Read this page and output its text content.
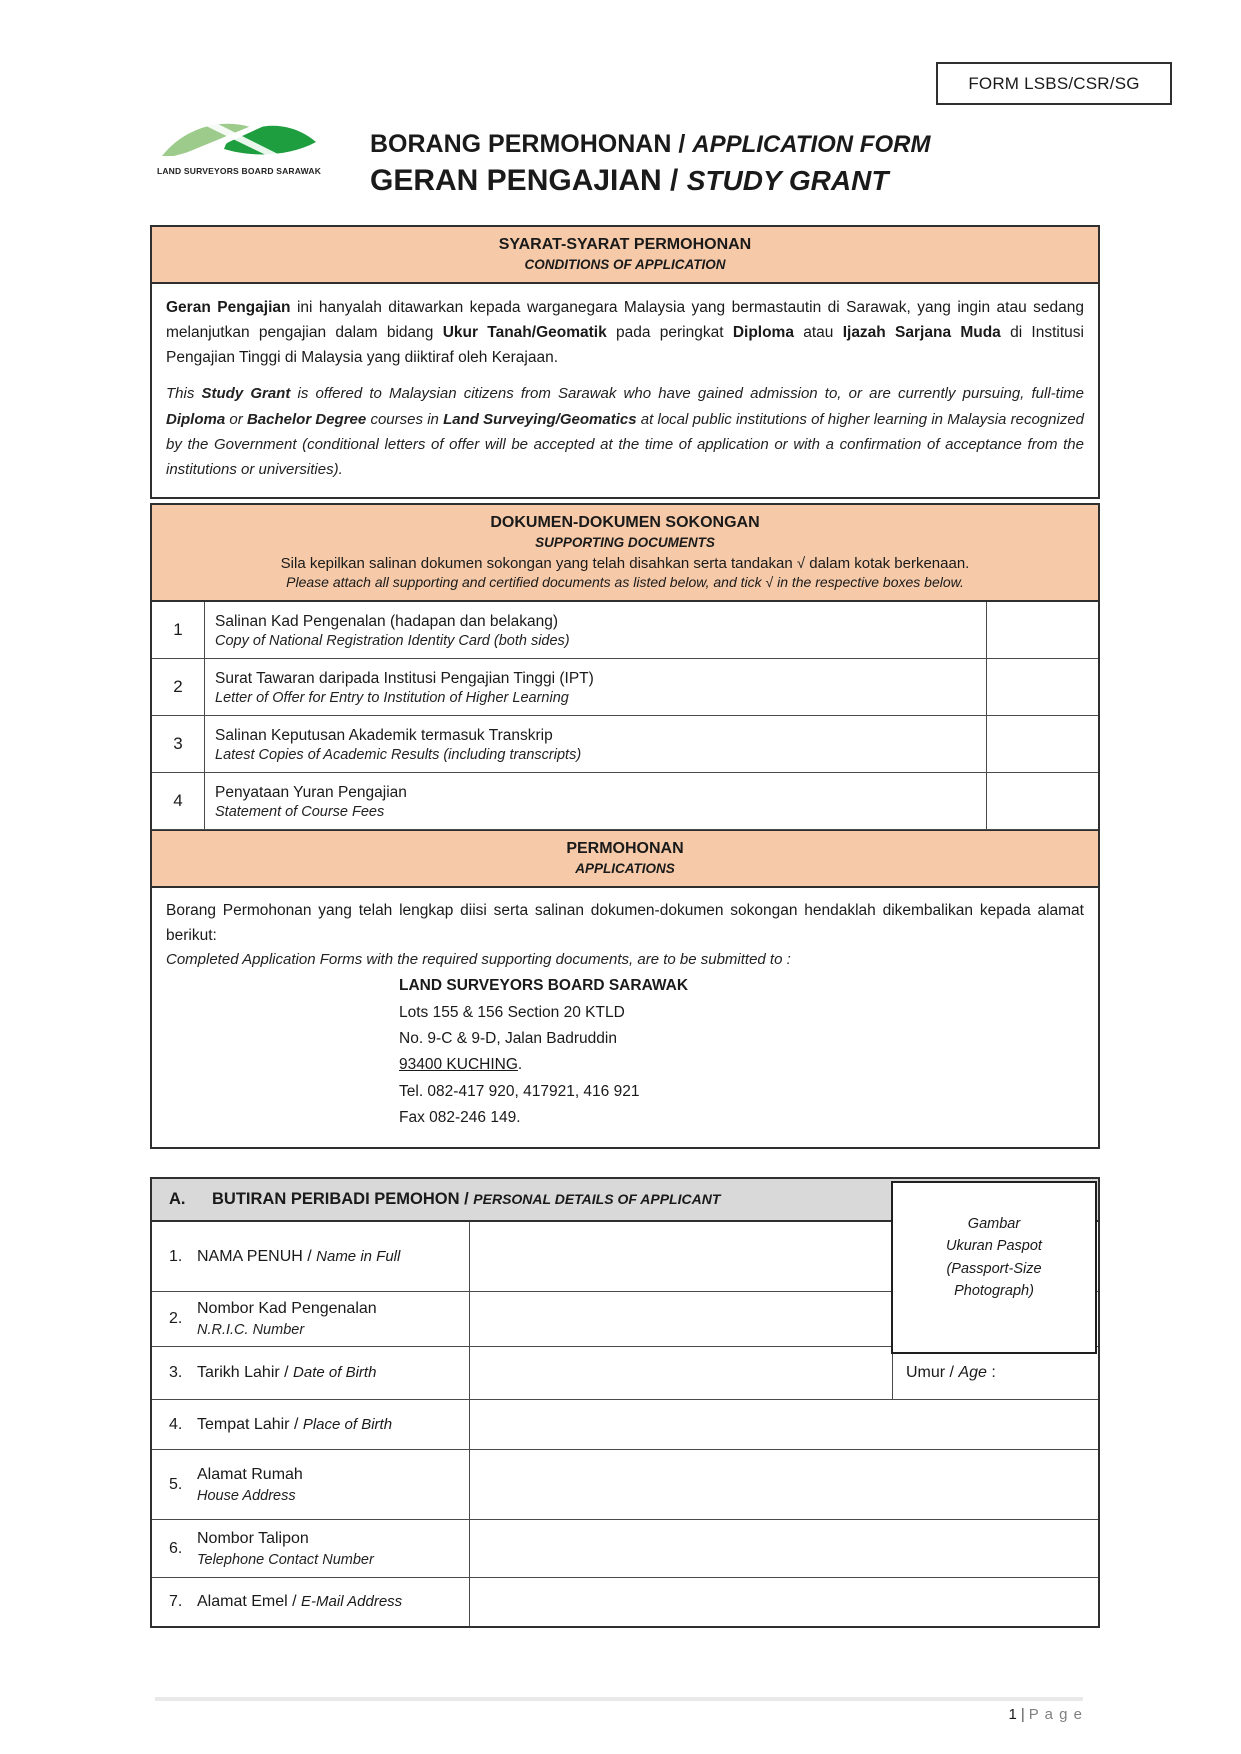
FORM LSBS/CSR/SG
LAND SURVEYORS BOARD SARAWAK
BORANG PERMOHONAN / APPLICATION FORM
GERAN PENGAJIAN / STUDY GRANT
SYARAT-SYARAT PERMOHONAN
CONDITIONS OF APPLICATION

Geran Pengajian ini hanyalah ditawarkan kepada warganegara Malaysia yang bermastautin di Sarawak, yang ingin atau sedang melanjutkan pengajian dalam bidang Ukur Tanah/Geomatik pada peringkat Diploma atau Ijazah Sarjana Muda di Institusi Pengajian Tinggi di Malaysia yang diiktiraf oleh Kerajaan.

This Study Grant is offered to Malaysian citizens from Sarawak who have gained admission to, or are currently pursuing, full-time Diploma or Bachelor Degree courses in Land Surveying/Geomatics at local public institutions of higher learning in Malaysia recognized by the Government (conditional letters of offer will be accepted at the time of application or with a confirmation of acceptance from the institutions or universities).

DOKUMEN-DOKUMEN SOKONGAN
SUPPORTING DOCUMENTS
Sila kepilkan salinan dokumen sokongan yang telah disahkan serta tandakan √ dalam kotak berkenaan.
Please attach all supporting and certified documents as listed below, and tick √ in the respective boxes below.
1	Salinan Kad Pengenalan (hadapan dan belakang)
Copy of National Registration Identity Card (both sides)
2	Surat Tawaran daripada Institusi Pengajian Tinggi (IPT)
Letter of Offer for Entry to Institution of Higher Learning
3	Salinan Keputusan Akademik termasuk Transkrip
Latest Copies of Academic Results (including transcripts)
4	Penyataan Yuran Pengajian
Statement of Course Fees
PERMOHONAN
APPLICATIONS

Borang Permohonan yang telah lengkap diisi serta salinan dokumen-dokumen sokongan hendaklah dikembalikan kepada alamat berikut:

Completed Application Forms with the required supporting documents, are to be submitted to :

LAND SURVEYORS BOARD SARAWAK
Lots 155 & 156 Section 20 KTLD
No. 9-C & 9-D, Jalan Badruddin
93400 KUCHING.
Tel. 082-417 920, 417921, 416 921
Fax 082-246 149.
A. BUTIRAN PERIBADI PEMOHON / PERSONAL DETAILS OF APPLICANT
Gambar
Ukuran Paspot
(Passport-Size
Photograph)
1. NAMA PENUH / Name in Full
2.
Nombor Kad Pengenalan
N.R.I.C. Number
3. Tarikh Lahir / Date of Birth	Umur / Age :
4. Tempat Lahir / Place of Birth
5.
Alamat Rumah
House Address
6.
Nombor Talipon
Telephone Contact Number
7. Alamat Emel / E-Mail Address
1 | P a g e
